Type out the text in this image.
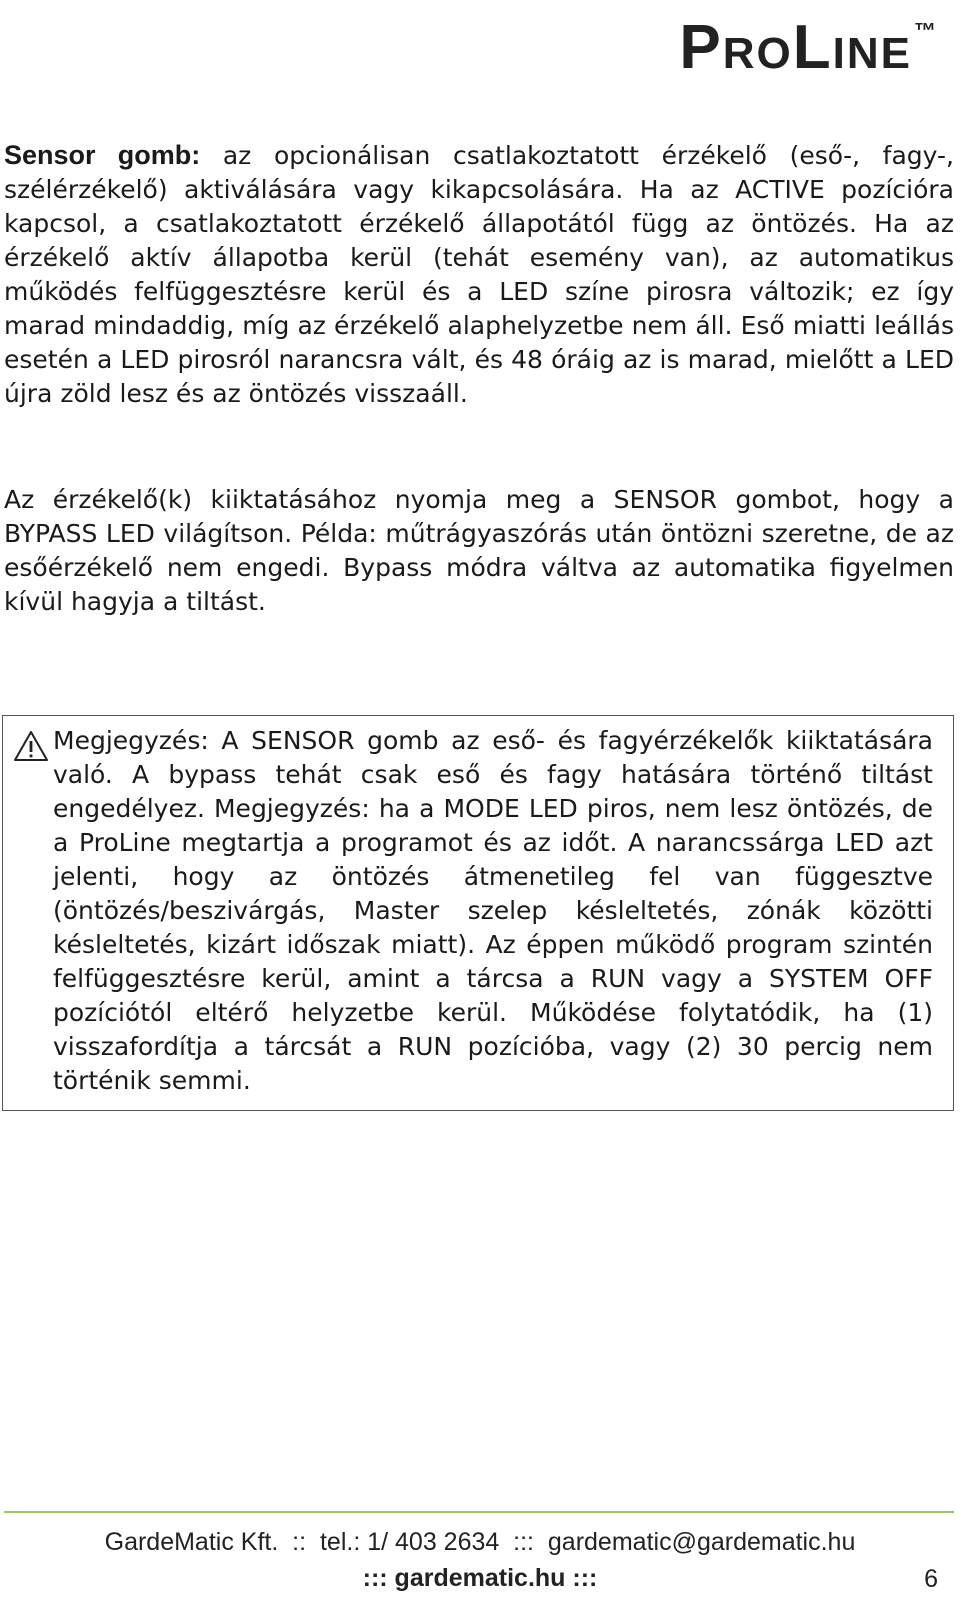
PROLINE™

Sensor gomb: az opcionálisan csatlakoztatott érzékelő (eső-, fagy-, szélérzékelő) aktiválására vagy kikapcsolására. Ha az ACTIVE pozícióra kapcsol, a csatlakoztatott érzékelő állapotától függ az öntözés. Ha az érzékelő aktív állapotba kerül (tehát esemény van), az automatikus működés felfüggesztésre kerül és a LED színe pirosra változik; ez így marad mindaddig, míg az érzékelő alaphelyzetbe nem áll. Eső miatti leállás esetén a LED pirosról narancsra vált, és 48 óráig az is marad, mielőtt a LED újra zöld lesz és az öntözés visszaáll.

Az érzékelő(k) kiiktatásához nyomja meg a SENSOR gombot, hogy a BYPASS LED világítson. Példa: műtrágyaszórás után öntözni szeretne, de az esőérzékelő nem engedi. Bypass módra váltva az automatika figyelmen kívül hagyja a tiltást.

Megjegyzés: A SENSOR gomb az eső- és fagyérzékelők kiiktatására való. A bypass tehát csak eső és fagy hatására történő tiltást engedélyez. Megjegyzés: ha a MODE LED piros, nem lesz öntözés, de a ProLine megtartja a programot és az időt. A narancssárga LED azt jelenti, hogy az öntözés átmenetileg fel van függesztve (öntözés/beszivárgás, Master szelep késleltetés, zónák közötti késleltetés, kizárt időszak miatt). Az éppen működő program szintén felfüggesztésre kerül, amint a tárcsa a RUN vagy a SYSTEM OFF pozíciótól eltérő helyzetbe kerül. Működése folytatódik, ha (1) visszafordítja a tárcsát a RUN pozícióba, vagy (2) 30 percig nem történik semmi.

GardeMatic Kft.  ::  tel.: 1/ 403 2634  :::  gardematic@gardematic.hu
::: gardematic.hu :::	6
